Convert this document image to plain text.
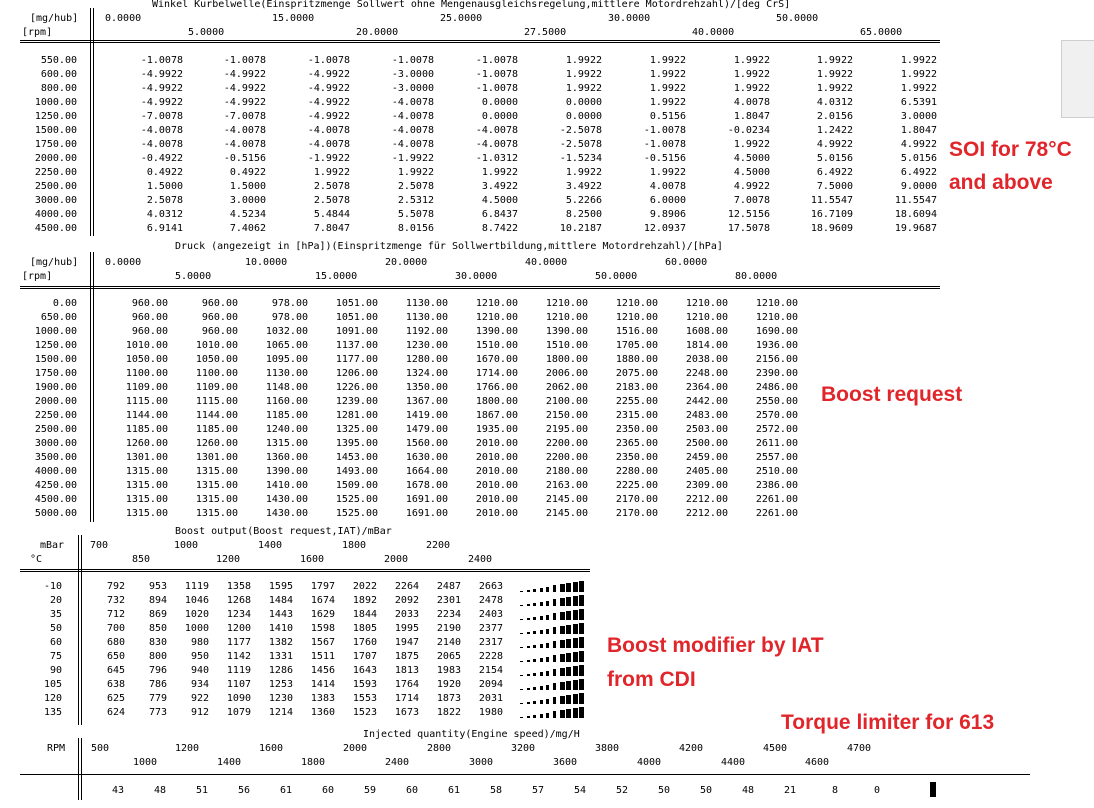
Winkel Kurbelwelle(Einspritzmenge Sollwert ohne Mengenausgleichsregelung,mittlere Motordrehzahl)/[deg CrS]
[mg/hub]
[rpm]
0.0000	15.0000	25.0000	30.0000	50.0000
5.0000	20.0000	27.5000	40.0000	65.0000
550.00	-1.0078	-1.0078	-1.0078	-1.0078	-1.0078	1.9922	1.9922	1.9922	1.9922	1.9922
600.00	-4.9922	-4.9922	-4.9922	-3.0000	-1.0078	1.9922	1.9922	1.9922	1.9922	1.9922
800.00	-4.9922	-4.9922	-4.9922	-3.0000	-1.0078	1.9922	1.9922	1.9922	1.9922	1.9922
1000.00	-4.9922	-4.9922	-4.9922	-4.0078	0.0000	0.0000	1.9922	4.0078	4.0312	6.5391
1250.00	-7.0078	-7.0078	-4.9922	-4.0078	0.0000	0.0000	0.5156	1.8047	2.0156	3.0000
1500.00	-4.0078	-4.0078	-4.0078	-4.0078	-4.0078	-2.5078	-1.0078	-0.0234	1.2422	1.8047
1750.00	-4.0078	-4.0078	-4.0078	-4.0078	-4.0078	-2.5078	-1.0078	1.9922	4.9922	4.9922
2000.00	-0.4922	-0.5156	-1.9922	-1.9922	-1.0312	-1.5234	-0.5156	4.5000	5.0156	5.0156
2250.00	0.4922	0.4922	1.9922	1.9922	1.9922	1.9922	1.9922	4.5000	6.4922	6.4922
2500.00	1.5000	1.5000	2.5078	2.5078	3.4922	3.4922	4.0078	4.9922	7.5000	9.0000
3000.00	2.5078	3.0000	2.5078	2.5312	4.5000	5.2266	6.0000	7.0078	11.5547	11.5547
4000.00	4.0312	4.5234	5.4844	5.5078	6.8437	8.2500	9.8906	12.5156	16.7109	18.6094
4500.00	6.9141	7.4062	7.8047	8.0156	8.7422	10.2187	12.0937	17.5078	18.9609	19.9687
Druck (angezeigt in [hPa])(Einspritzmenge für Sollwertbildung,mittlere Motordrehzahl)/[hPa]
[mg/hub]
[rpm]
0.0000	10.0000	20.0000	40.0000	60.0000
5.0000	15.0000	30.0000	50.0000	80.0000
0.00	960.00	960.00	978.00	1051.00	1130.00	1210.00	1210.00	1210.00	1210.00	1210.00
650.00	960.00	960.00	978.00	1051.00	1130.00	1210.00	1210.00	1210.00	1210.00	1210.00
1000.00	960.00	960.00	1032.00	1091.00	1192.00	1390.00	1390.00	1516.00	1608.00	1690.00
1250.00	1010.00	1010.00	1065.00	1137.00	1230.00	1510.00	1510.00	1705.00	1814.00	1936.00
1500.00	1050.00	1050.00	1095.00	1177.00	1280.00	1670.00	1800.00	1880.00	2038.00	2156.00
1750.00	1100.00	1100.00	1130.00	1206.00	1324.00	1714.00	2006.00	2075.00	2248.00	2390.00
1900.00	1109.00	1109.00	1148.00	1226.00	1350.00	1766.00	2062.00	2183.00	2364.00	2486.00
2000.00	1115.00	1115.00	1160.00	1239.00	1367.00	1800.00	2100.00	2255.00	2442.00	2550.00
2250.00	1144.00	1144.00	1185.00	1281.00	1419.00	1867.00	2150.00	2315.00	2483.00	2570.00
2500.00	1185.00	1185.00	1240.00	1325.00	1479.00	1935.00	2195.00	2350.00	2503.00	2572.00
3000.00	1260.00	1260.00	1315.00	1395.00	1560.00	2010.00	2200.00	2365.00	2500.00	2611.00
3500.00	1301.00	1301.00	1360.00	1453.00	1630.00	2010.00	2200.00	2350.00	2459.00	2557.00
4000.00	1315.00	1315.00	1390.00	1493.00	1664.00	2010.00	2180.00	2280.00	2405.00	2510.00
4250.00	1315.00	1315.00	1410.00	1509.00	1678.00	2010.00	2163.00	2225.00	2309.00	2386.00
4500.00	1315.00	1315.00	1430.00	1525.00	1691.00	2010.00	2145.00	2170.00	2212.00	2261.00
5000.00	1315.00	1315.00	1430.00	1525.00	1691.00	2010.00	2145.00	2170.00	2212.00	2261.00
Boost output(Boost request,IAT)/mBar
mBar
°C
700	1000	1400	1800	2200
850	1200	1600	2000	2400
-10	792	953	1119	1358	1595	1797	2022	2264	2487	2663
20	732	894	1046	1268	1484	1674	1892	2092	2301	2478
35	712	869	1020	1234	1443	1629	1844	2033	2234	2403
50	700	850	1000	1200	1410	1598	1805	1995	2190	2377
60	680	830	980	1177	1382	1567	1760	1947	2140	2317
75	650	800	950	1142	1331	1511	1707	1875	2065	2228
90	645	796	940	1119	1286	1456	1643	1813	1983	2154
105	638	786	934	1107	1253	1414	1593	1764	1920	2094
120	625	779	922	1090	1230	1383	1553	1714	1873	2031
135	624	773	912	1079	1214	1360	1523	1673	1822	1980
Injected quantity(Engine speed)/mg/H
RPM	500	1200	1600	2000	2800	3200	3800	4200	4500	4700
1000	1400	1800	2400	3000	3600	4000	4400	4600
43	48	51	56	61	60	59	60	61	58	57	54	52	50	50	48	21	8	0
SOI for 78°C
and above
Boost request
Boost modifier by IAT
from CDI
Torque limiter for 613
